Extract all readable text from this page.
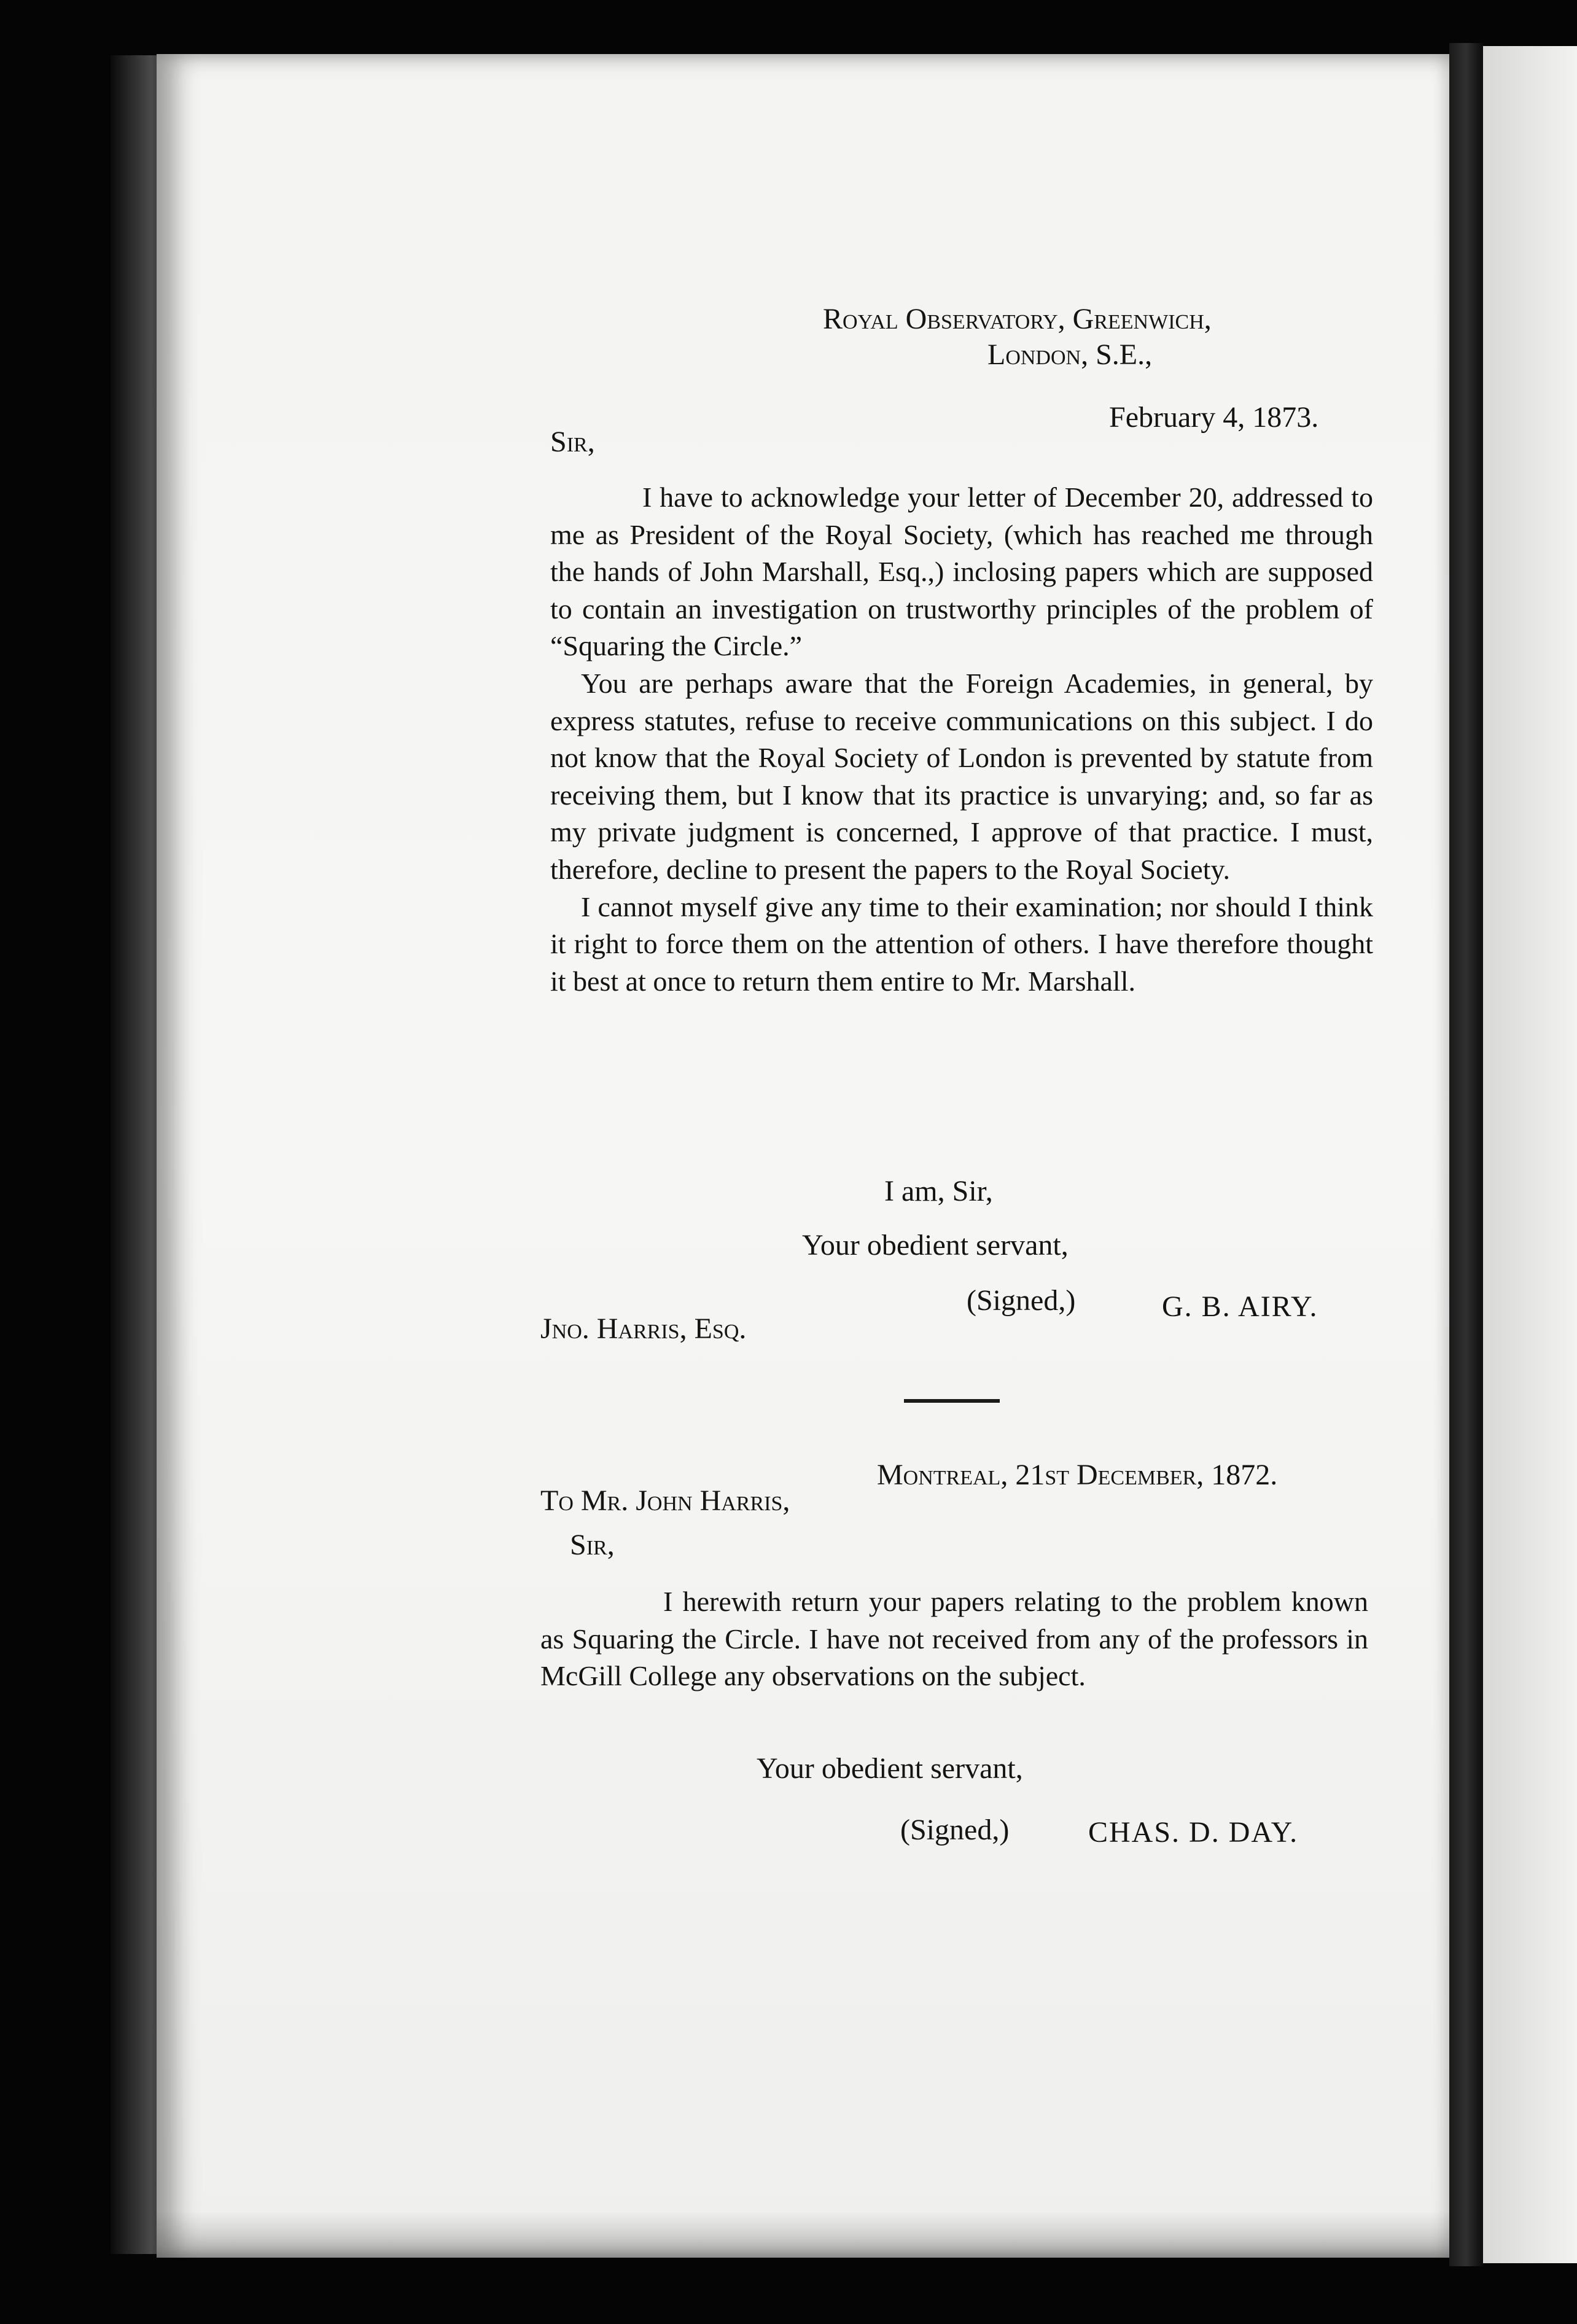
Royal Observatory, Greenwich,
London, S.E.,
February 4, 1873.
Sir,

I have to acknowledge your letter of December 20, addressed to me as President of the Royal Society, (which has reached me through the hands of John Marshall, Esq.,) inclosing papers which are supposed to contain an investigation on trustworthy principles of the problem of “Squaring the Circle.”

You are perhaps aware that the Foreign Academies, in general, by express statutes, refuse to receive communications on this subject. I do not know that the Royal Society of London is prevented by statute from receiving them, but I know that its practice is unvarying; and, so far as my private judgment is concerned, I approve of that practice. I must, therefore, decline to present the papers to the Royal Society.

I cannot myself give any time to their examination; nor should I think it right to force them on the attention of others. I have therefore thought it best at once to return them entire to Mr. Marshall.

I am, Sir,
Your obedient servant,
(Signed,)	G. B. AIRY.
Jno. Harris, Esq.
Montreal, 21st December, 1872.
To Mr. John Harris,
Sir,

I herewith return your papers relating to the problem known as Squaring the Circle. I have not received from any of the professors in McGill College any observations on the subject.

Your obedient servant,
(Signed,)	CHAS. D. DAY.
